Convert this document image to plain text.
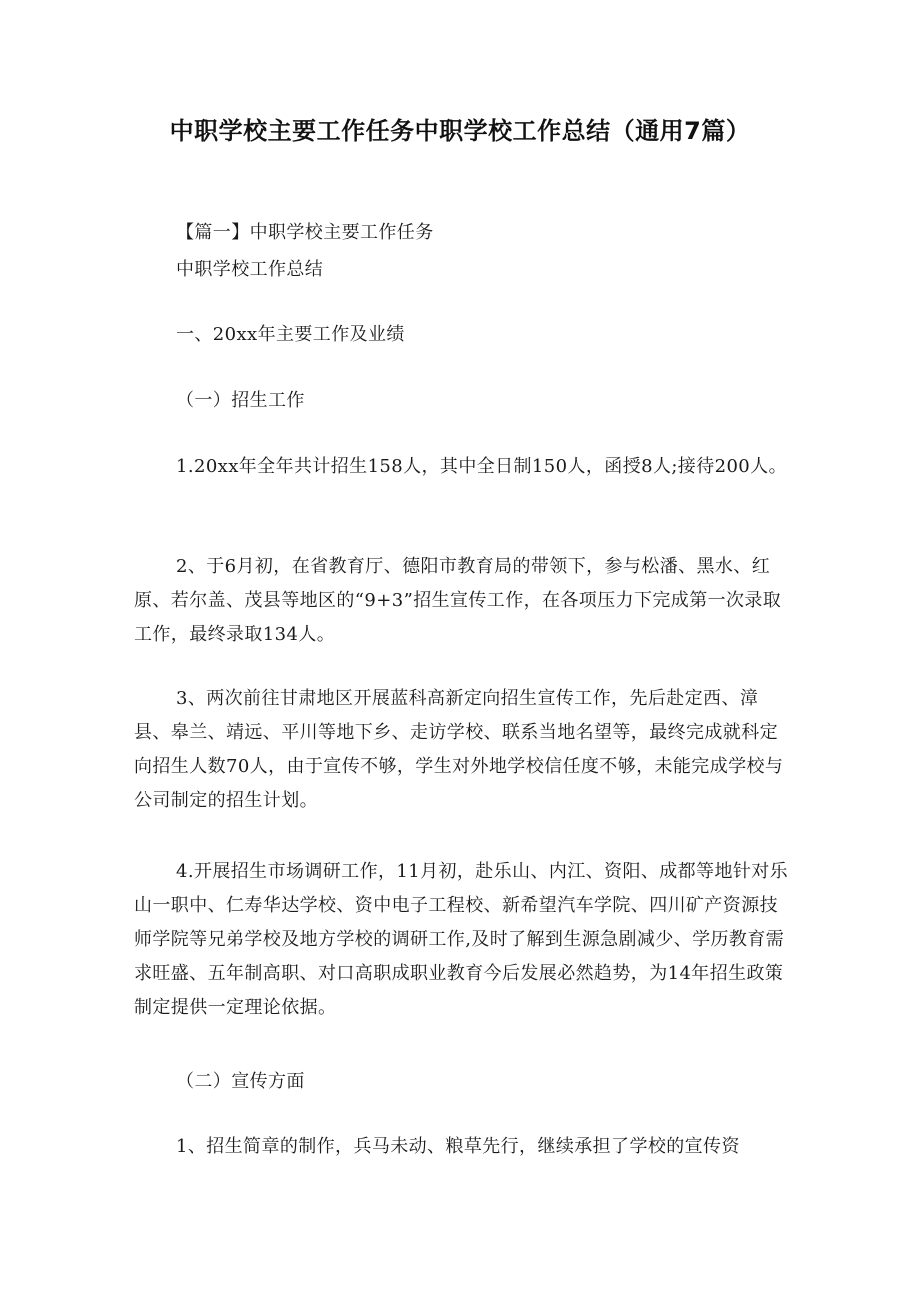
中职学校主要工作任务中职学校工作总结（通用7篇）
【篇一】中职学校主要工作任务
中职学校工作总结
一、20xx年主要工作及业绩
（一）招生工作

1.20xx年全年共计招生158人，其中全日制150人，函授8人;接待200人。

2、于6月初，在省教育厅、德阳市教育局的带领下，参与松潘、黑水、红原、若尔盖、茂县等地区的“9+3”招生宣传工作，在各项压力下完成第一次录取工作，最终录取134人。

3、两次前往甘肃地区开展蓝科高新定向招生宣传工作，先后赴定西、漳县、皋兰、靖远、平川等地下乡、走访学校、联系当地名望等，最终完成就科定向招生人数70人，由于宣传不够，学生对外地学校信任度不够，未能完成学校与公司制定的招生计划。

4.开展招生市场调研工作，11月初，赴乐山、内江、资阳、成都等地针对乐山一职中、仁寿华达学校、资中电子工程校、新希望汽车学院、四川矿产资源技师学院等兄弟学校及地方学校的调研工作,及时了解到生源急剧减少、学历教育需求旺盛、五年制高职、对口高职成职业教育今后发展必然趋势，为14年招生政策制定提供一定理论依据。

（二）宣传方面

1、招生简章的制作，兵马未动、粮草先行，继续承担了学校的宣传资
